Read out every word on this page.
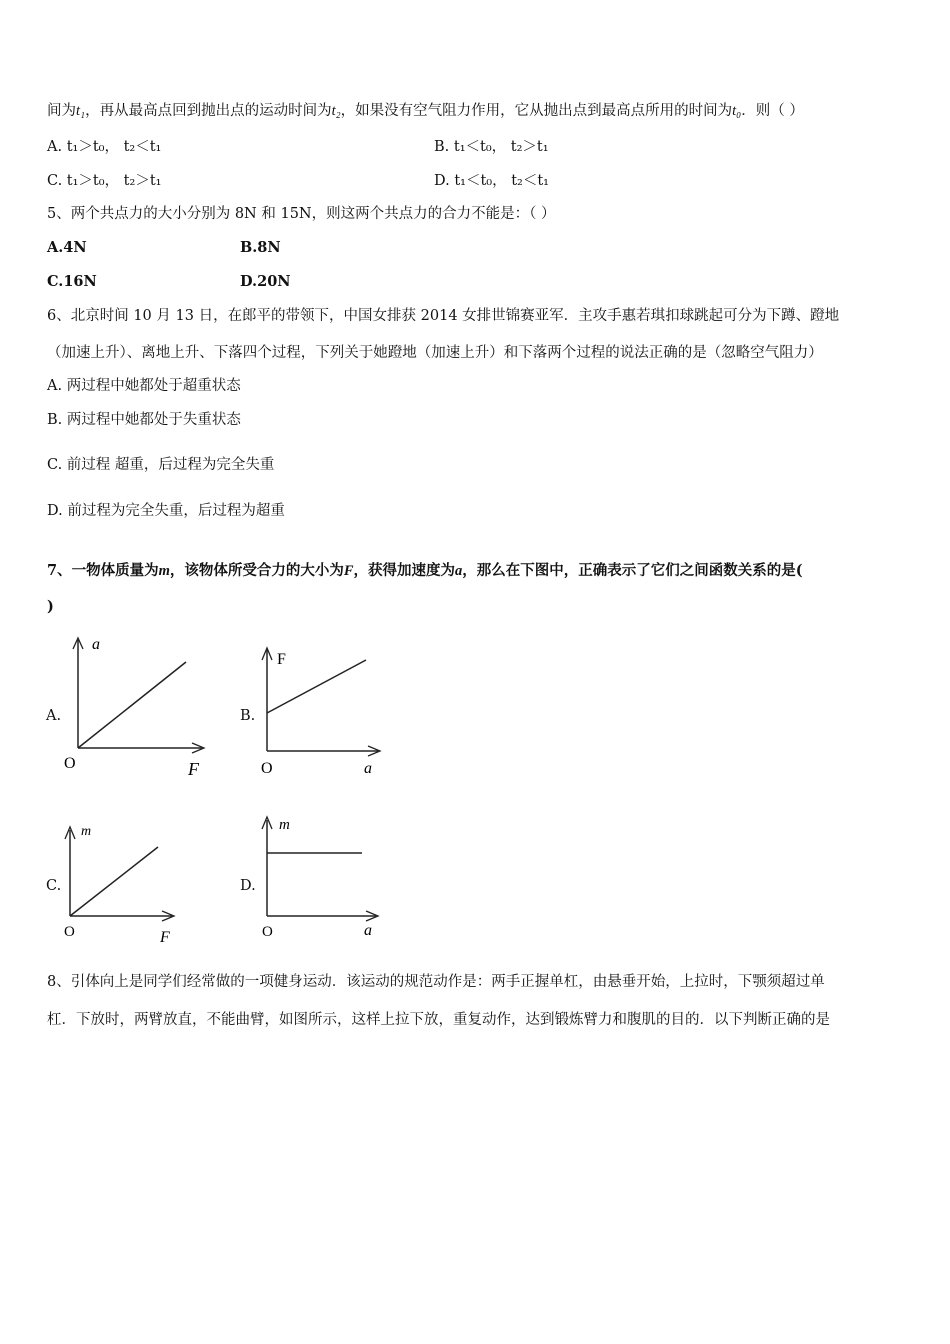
间为t₁，再从最高点回到抛出点的运动时间为t₂，如果没有空气阻力作用，它从抛出点到最高点所用的时间为t₀．则（ ）
A. t₁＞t₀， t₂＜t₁	B. t₁＜t₀， t₂＞t₁
C. t₁＞t₀， t₂＞t₁	D. t₁＜t₀， t₂＜t₁
5、两个共点力的大小分别为 8N 和 15N，则这两个共点力的合力不能是：（ ）
A.4N	B.8N
C.16N	D.20N
6、北京时间 10 月 13 日，在郎平的带领下，中国女排获 2014 女排世锦赛亚军．主攻手惠若琪扣球跳起可分为下蹲、蹬地
（加速上升）、离地上升、下落四个过程，下列关于她蹬地（加速上升）和下落两个过程的说法正确的是（忽略空气阻力）
A. 两过程中她都处于超重状态
B. 两过程中她都处于失重状态
C. 前过程 超重，后过程为完全失重
D. 前过程为完全失重，后过程为超重
7、一物体质量为m，该物体所受合力的大小为F，获得加速度为a，那么在下图中，正确表示了它们之间函数关系的是(
)
A.
a
F
O
B.
F
a
O
C.
m
F
O
D.
m
a
O
8、引体向上是同学们经常做的一项健身运动．该运动的规范动作是：两手正握单杠，由悬垂开始，上拉时，下颚须超过单
杠．下放时，两臂放直，不能曲臂，如图所示，这样上拉下放，重复动作，达到锻炼臂力和腹肌的目的．以下判断正确的是
